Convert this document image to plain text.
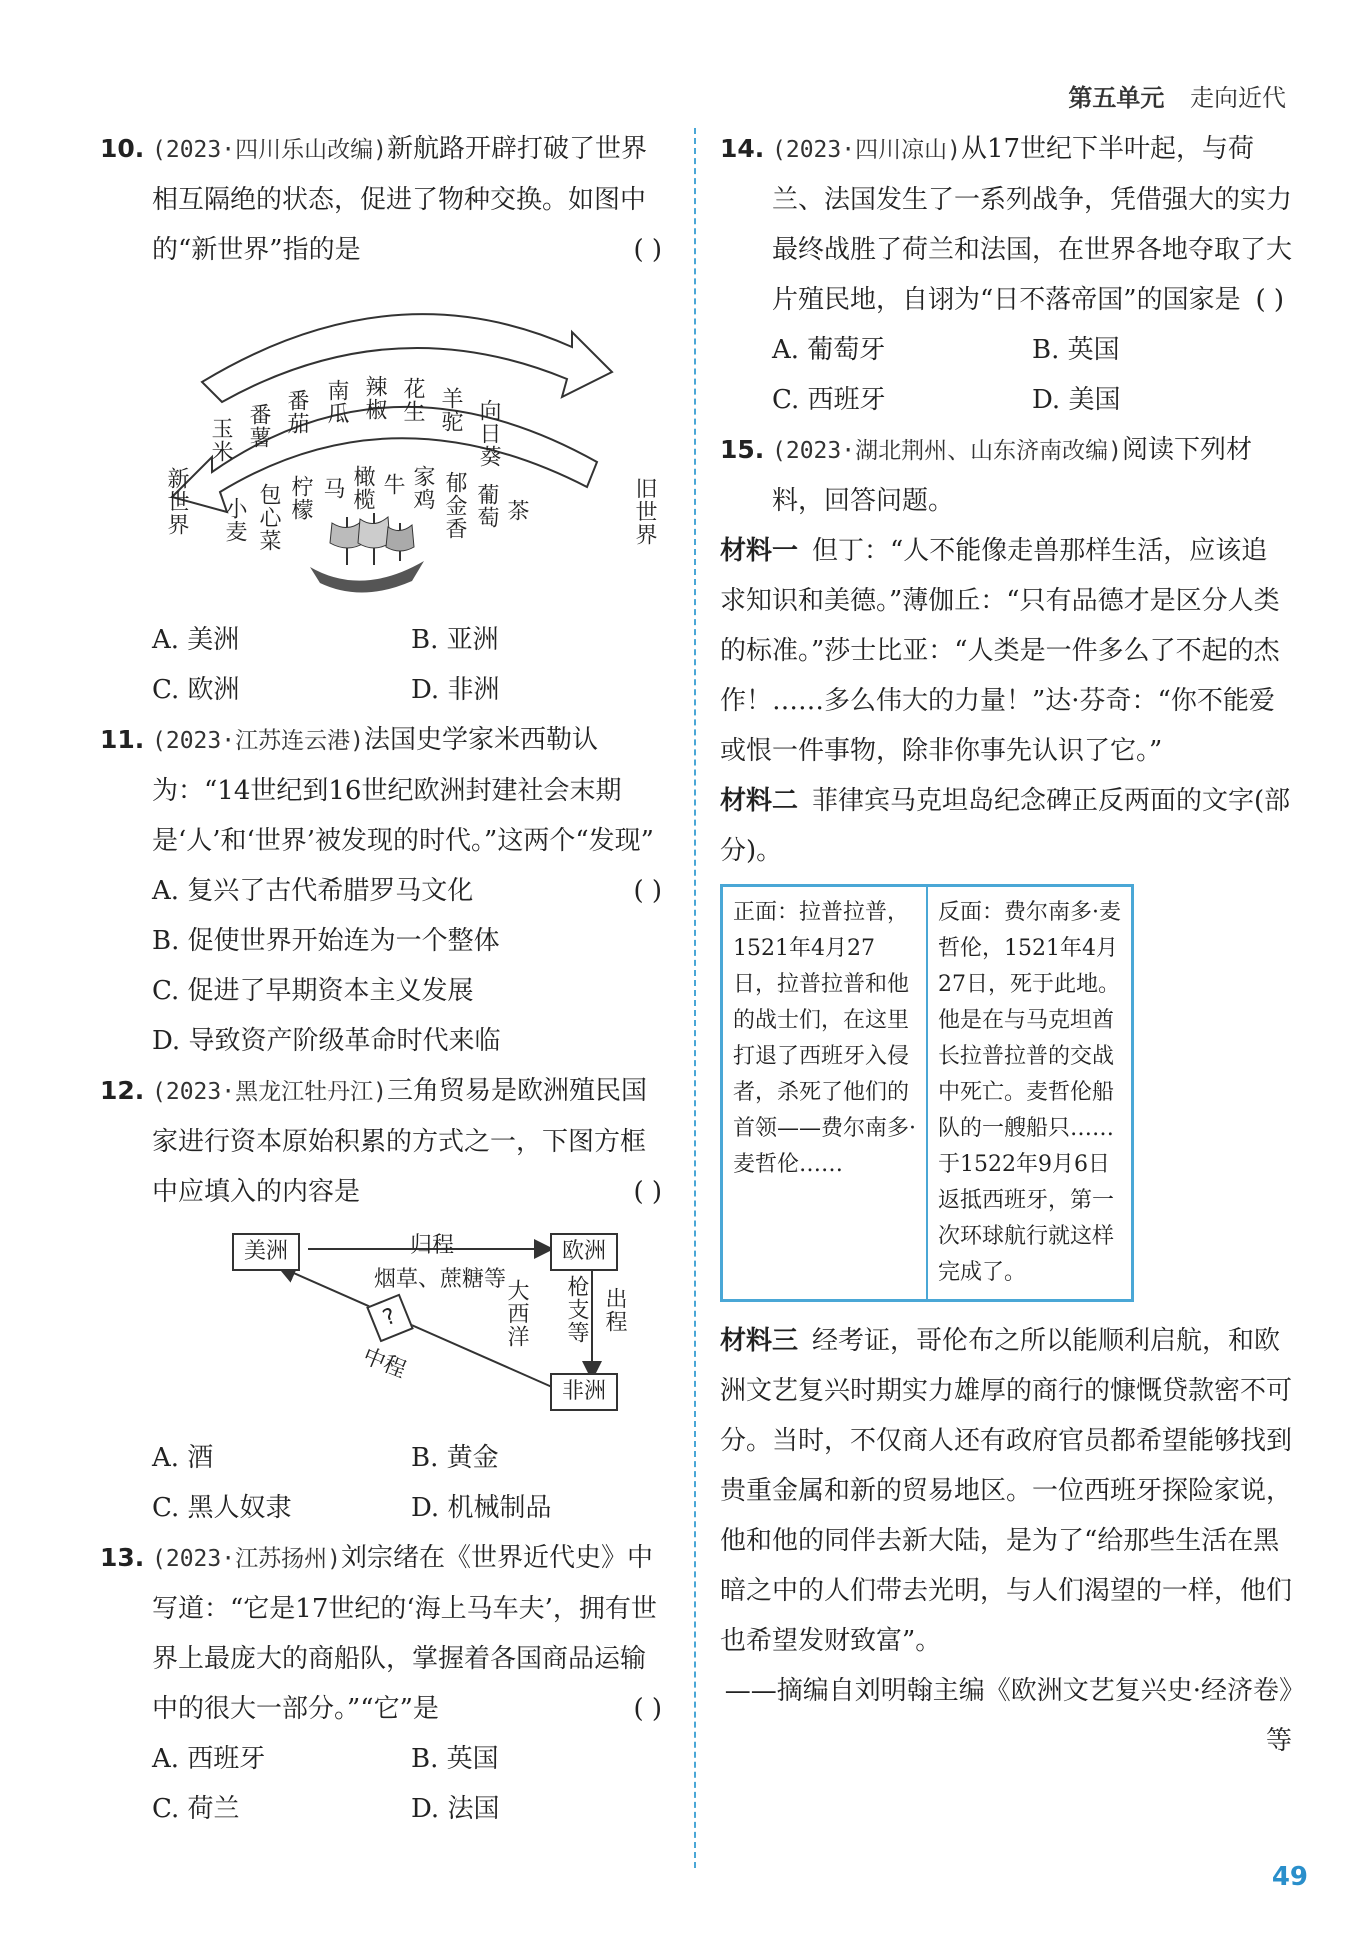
第五单元 走向近代
10. (2023·四川乐山改编)新航路开辟打破了世界相互隔绝的状态，促进了物种交换。如图中的“新世界”指的是	( )
新世界	旧世界
玉米 番薯 番茄 南瓜 辣椒 花生 羊驼 向日葵
小麦 包心菜 柠檬 马 橄榄 牛 家鸡 郁金香 葡萄 茶
A. 美洲	B. 亚洲
C. 欧洲	D. 非洲
11. (2023·江苏连云港)法国史学家米西勒认为：“14世纪到16世纪欧洲封建社会末期是‘人’和‘世界’被发现的时代。”这两个“发现”
( )
A. 复兴了古代希腊罗马文化
B. 促使世界开始连为一个整体
C. 促进了早期资本主义发展
D. 导致资产阶级革命时代来临
12. (2023·黑龙江牡丹江)三角贸易是欧洲殖民国家进行资本原始积累的方式之一，下图方框中应填入的内容是	( )
美洲	欧洲
非洲
?
归程
烟草、蔗糖等	枪支等 出程
大西洋
中程
A. 酒	B. 黄金
C. 黑人奴隶	D. 机械制品
13. (2023·江苏扬州)刘宗绪在《世界近代史》中写道：“它是17世纪的‘海上马车夫’，拥有世界上最庞大的商船队，掌握着各国商品运输中的很大一部分。”“它”是	( )
A. 西班牙	B. 英国
C. 荷兰	D. 法国
14. (2023·四川凉山)从17世纪下半叶起，与荷兰、法国发生了一系列战争，凭借强大的实力最终战胜了荷兰和法国，在世界各地夺取了大片殖民地，自诩为“日不落帝国”的国家是 ( )
A. 葡萄牙	B. 英国
C. 西班牙	D. 美国
15. (2023·湖北荆州、山东济南改编)阅读下列材料，回答问题。
材料一 但丁：“人不能像走兽那样生活，应该追求知识和美德。”薄伽丘：“只有品德才是区分人类的标准。”莎士比亚：“人类是一件多么了不起的杰作！……多么伟大的力量！”达·芬奇：“你不能爱或恨一件事物，除非你事先认识了它。”
材料二 菲律宾马克坦岛纪念碑正反两面的文字(部分)。
正面：拉普拉普，1521年4月27日，拉普拉普和他的战士们，在这里打退了西班牙入侵者，杀死了他们的首领——费尔南多·麦哲伦……	反面：费尔南多·麦哲伦，1521年4月27日，死于此地。他是在与马克坦酋长拉普拉普的交战中死亡。麦哲伦船队的一艘船只……于1522年9月6日返抵西班牙，第一次环球航行就这样完成了。
材料三 经考证，哥伦布之所以能顺利启航，和欧洲文艺复兴时期实力雄厚的商行的慷慨贷款密不可分。当时，不仅商人还有政府官员都希望能够找到贵重金属和新的贸易地区。一位西班牙探险家说，他和他的同伴去新大陆，是为了“给那些生活在黑暗之中的人们带去光明，与人们渴望的一样，他们也希望发财致富”。
——摘编自刘明翰主编《欧洲文艺复兴史·经济卷》等
49
